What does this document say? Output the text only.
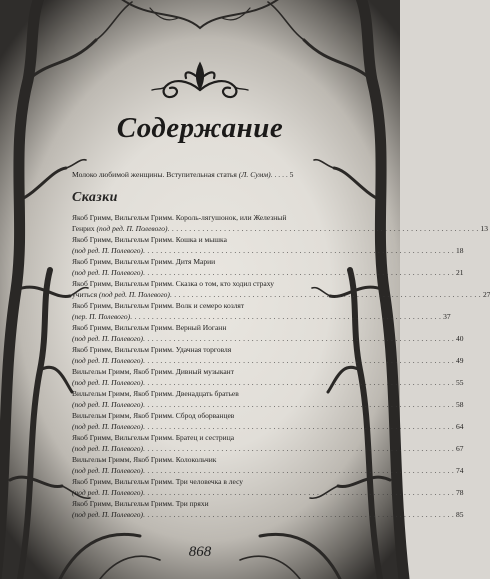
Содержание
Молоко любимой женщины. Вступительная статья (Л. Сумм). . . . . 5
Сказки
Якоб Гримм, Вильгельм Гримм. Король-лягушонок, или Железный
Генрих (под ред. П. Полевого) . . . . . . . . . . . . . . . . . . . . . . . . . . . . . . . . . . . . . . . . . . . . . . . . . . . . . . . . . . . . . . . . . . . . . . . . 13
Якоб Гримм, Вильгельм Гримм. Кошка и мышка
(под ред. П. Полевого) . . . . . . . . . . . . . . . . . . . . . . . . . . . . . . . . . . . . . . . . . . . . . . . . . . . . . . . . . . . . . . . . . . . . . . . . 18
Якоб Гримм, Вильгельм Гримм. Дитя Марии
(под ред. П. Полевого) . . . . . . . . . . . . . . . . . . . . . . . . . . . . . . . . . . . . . . . . . . . . . . . . . . . . . . . . . . . . . . . . . . . . . . . . 21
Якоб Гримм, Вильгельм Гримм. Сказка о том, кто ходил страху
учиться (под ред. П. Полевого) . . . . . . . . . . . . . . . . . . . . . . . . . . . . . . . . . . . . . . . . . . . . . . . . . . . . . . . . . . . . . . . . . . . . . . . . 27
Якоб Гримм, Вильгельм Гримм. Волк и семеро козлят
(пер. П. Полевого) . . . . . . . . . . . . . . . . . . . . . . . . . . . . . . . . . . . . . . . . . . . . . . . . . . . . . . . . . . . . . . . . . . . . . . . . 37
Якоб Гримм, Вильгельм Гримм. Верный Иоганн
(под ред. П. Полевого) . . . . . . . . . . . . . . . . . . . . . . . . . . . . . . . . . . . . . . . . . . . . . . . . . . . . . . . . . . . . . . . . . . . . . . . . 40
Якоб Гримм, Вильгельм Гримм. Удачная торговля
(под ред. П. Полевого) . . . . . . . . . . . . . . . . . . . . . . . . . . . . . . . . . . . . . . . . . . . . . . . . . . . . . . . . . . . . . . . . . . . . . . . . 49
Вильгельм Гримм, Якоб Гримм. Дивный музыкант
(под ред. П. Полевого) . . . . . . . . . . . . . . . . . . . . . . . . . . . . . . . . . . . . . . . . . . . . . . . . . . . . . . . . . . . . . . . . . . . . . . . . 55
Вильгельм Гримм, Якоб Гримм. Двенадцать братьев
(под ред. П. Полевого) . . . . . . . . . . . . . . . . . . . . . . . . . . . . . . . . . . . . . . . . . . . . . . . . . . . . . . . . . . . . . . . . . . . . . . . . 58
Вильгельм Гримм, Якоб Гримм. Сброд оборванцев
(под ред. П. Полевого) . . . . . . . . . . . . . . . . . . . . . . . . . . . . . . . . . . . . . . . . . . . . . . . . . . . . . . . . . . . . . . . . . . . . . . . . 64
Якоб Гримм, Вильгельм Гримм. Братец и сестрица
(под ред. П. Полевого) . . . . . . . . . . . . . . . . . . . . . . . . . . . . . . . . . . . . . . . . . . . . . . . . . . . . . . . . . . . . . . . . . . . . . . . . 67
Вильгельм Гримм, Якоб Гримм. Колокольчик
(под ред. П. Полевого) . . . . . . . . . . . . . . . . . . . . . . . . . . . . . . . . . . . . . . . . . . . . . . . . . . . . . . . . . . . . . . . . . . . . . . . . 74
Якоб Гримм, Вильгельм Гримм. Три человечка в лесу
(под ред. П. Полевого) . . . . . . . . . . . . . . . . . . . . . . . . . . . . . . . . . . . . . . . . . . . . . . . . . . . . . . . . . . . . . . . . . . . . . . . . 78
Якоб Гримм, Вильгельм Гримм. Три пряхи
(под ред. П. Полевого) . . . . . . . . . . . . . . . . . . . . . . . . . . . . . . . . . . . . . . . . . . . . . . . . . . . . . . . . . . . . . . . . . . . . . . . . 85
868
